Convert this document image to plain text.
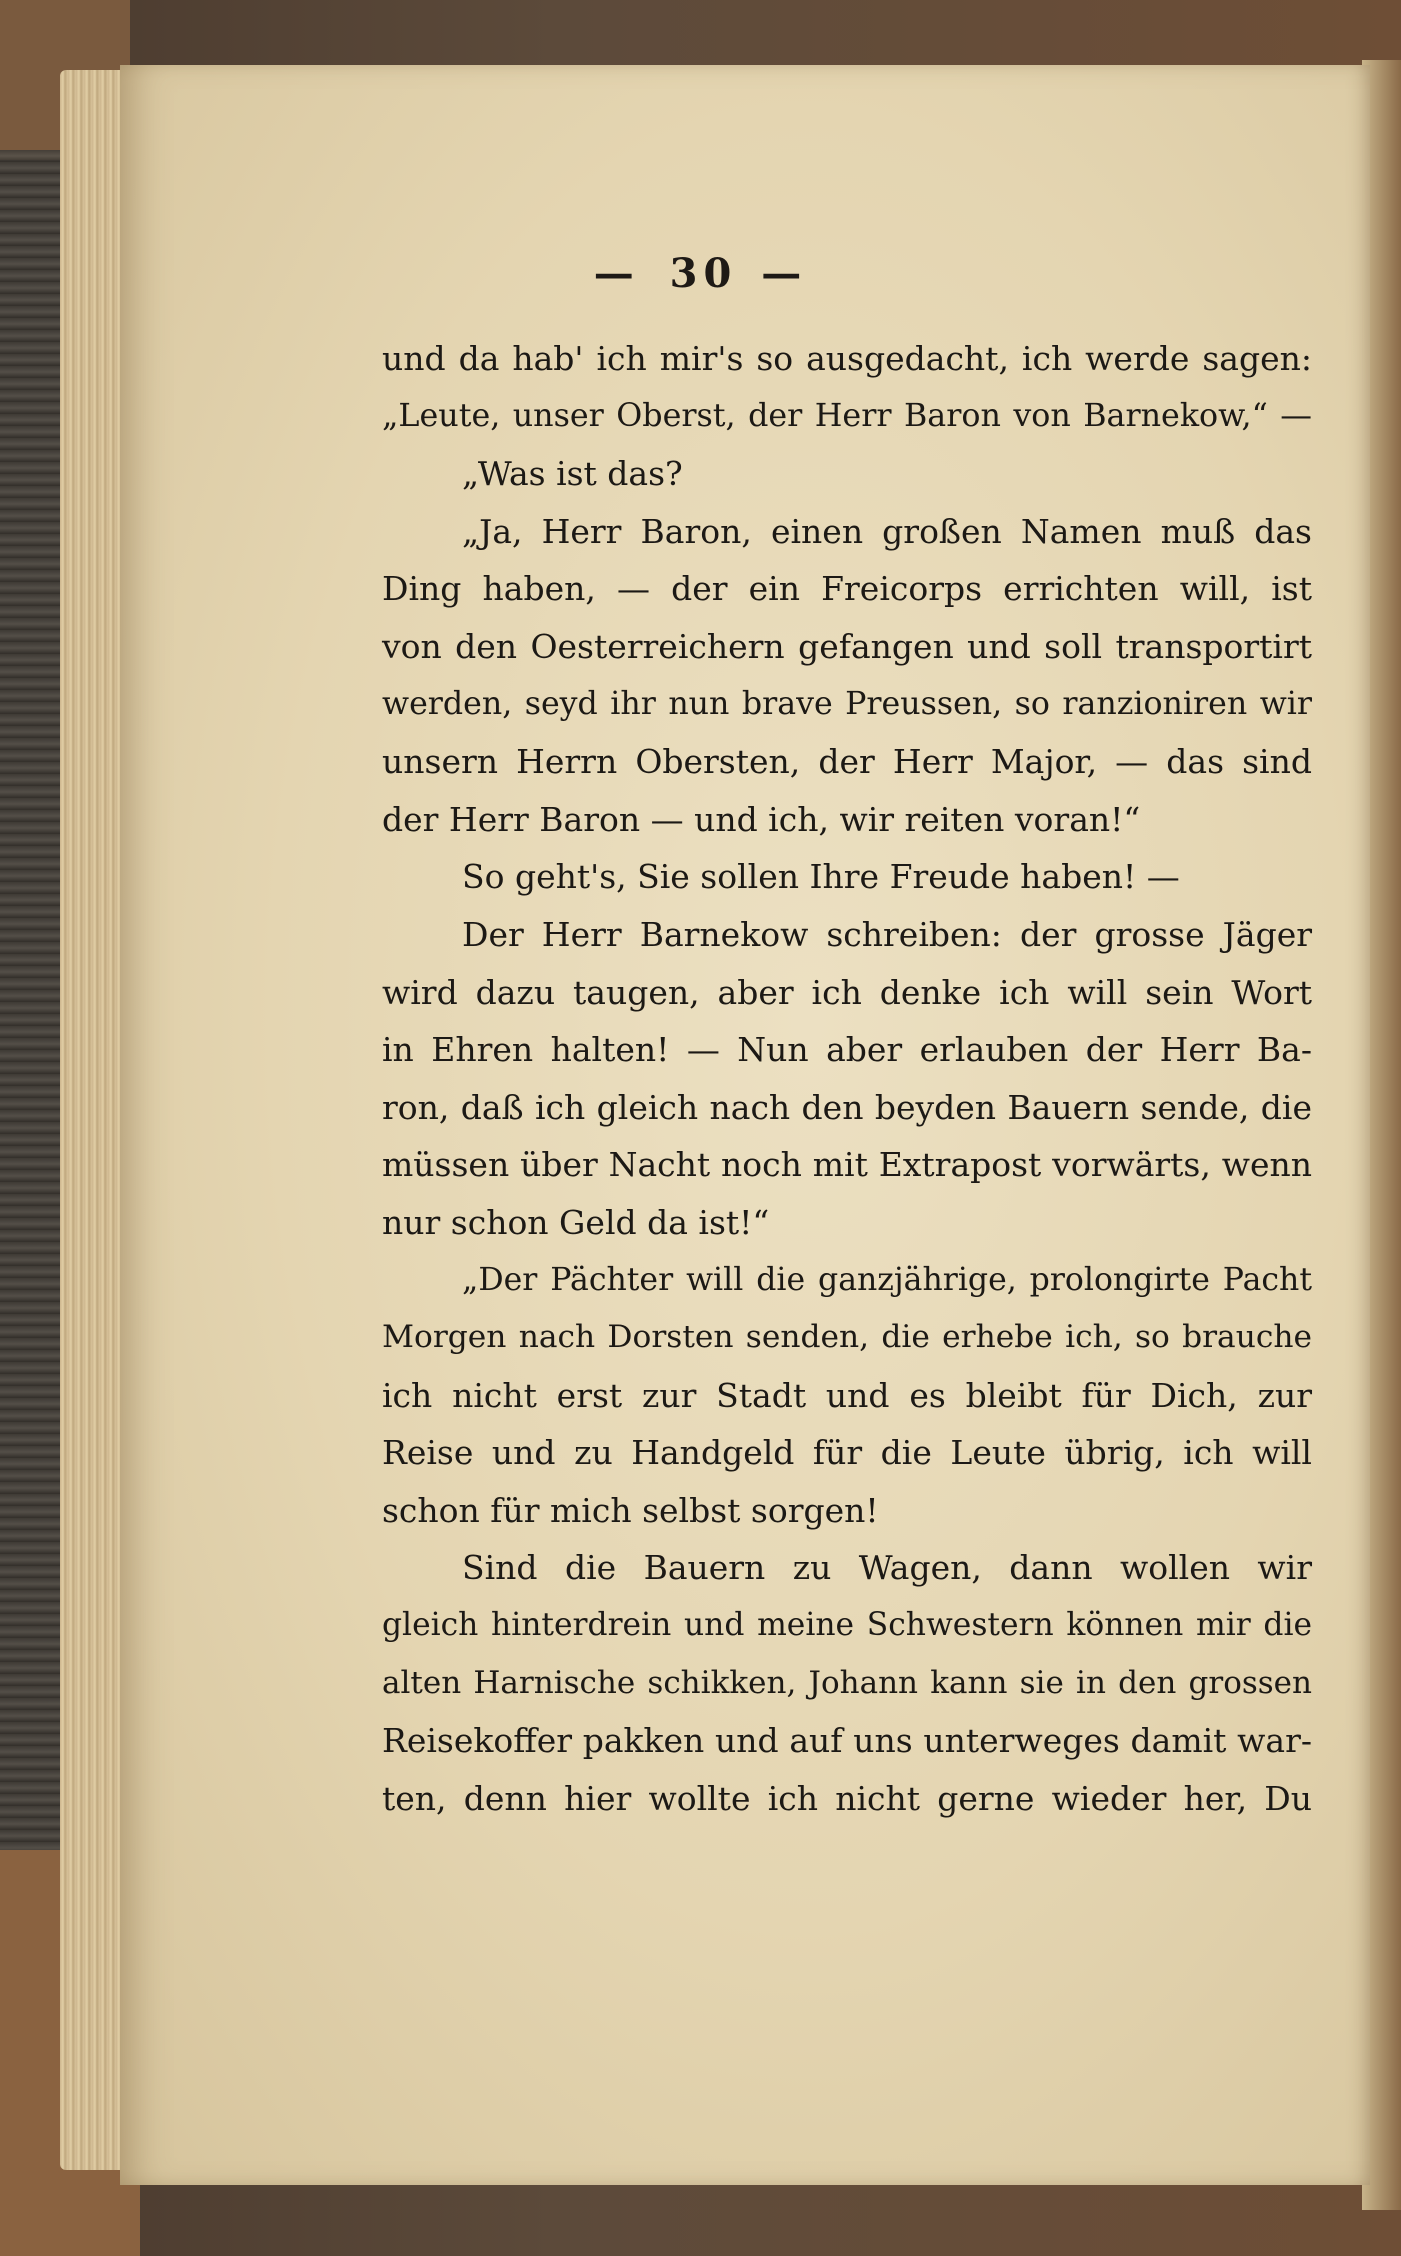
— 30 —
und da hab' ich mir's so ausgedacht, ich werde sagen:
„Leute, unser Oberst, der Herr Baron von Barnekow,“ —
„Was ist das?
„Ja, Herr Baron, einen großen Namen muß das
Ding haben, — der ein Freicorps errichten will, ist
von den Oesterreichern gefangen und soll transportirt
werden, seyd ihr nun brave Preussen, so ranzioniren wir
unsern Herrn Obersten, der Herr Major, — das sind
der Herr Baron — und ich, wir reiten voran!“
So geht's, Sie sollen Ihre Freude haben! —
Der Herr Barnekow schreiben: der grosse Jäger
wird dazu taugen, aber ich denke ich will sein Wort
in Ehren halten! — Nun aber erlauben der Herr Ba-
ron, daß ich gleich nach den beyden Bauern sende, die
müssen über Nacht noch mit Extrapost vorwärts, wenn
nur schon Geld da ist!“
„Der Pächter will die ganzjährige, prolongirte Pacht
Morgen nach Dorsten senden, die erhebe ich, so brauche
ich nicht erst zur Stadt und es bleibt für Dich, zur
Reise und zu Handgeld für die Leute übrig, ich will
schon für mich selbst sorgen!
Sind die Bauern zu Wagen, dann wollen wir
gleich hinterdrein und meine Schwestern können mir die
alten Harnische schikken, Johann kann sie in den grossen
Reisekoffer pakken und auf uns unterweges damit war-
ten, denn hier wollte ich nicht gerne wieder her, Du
